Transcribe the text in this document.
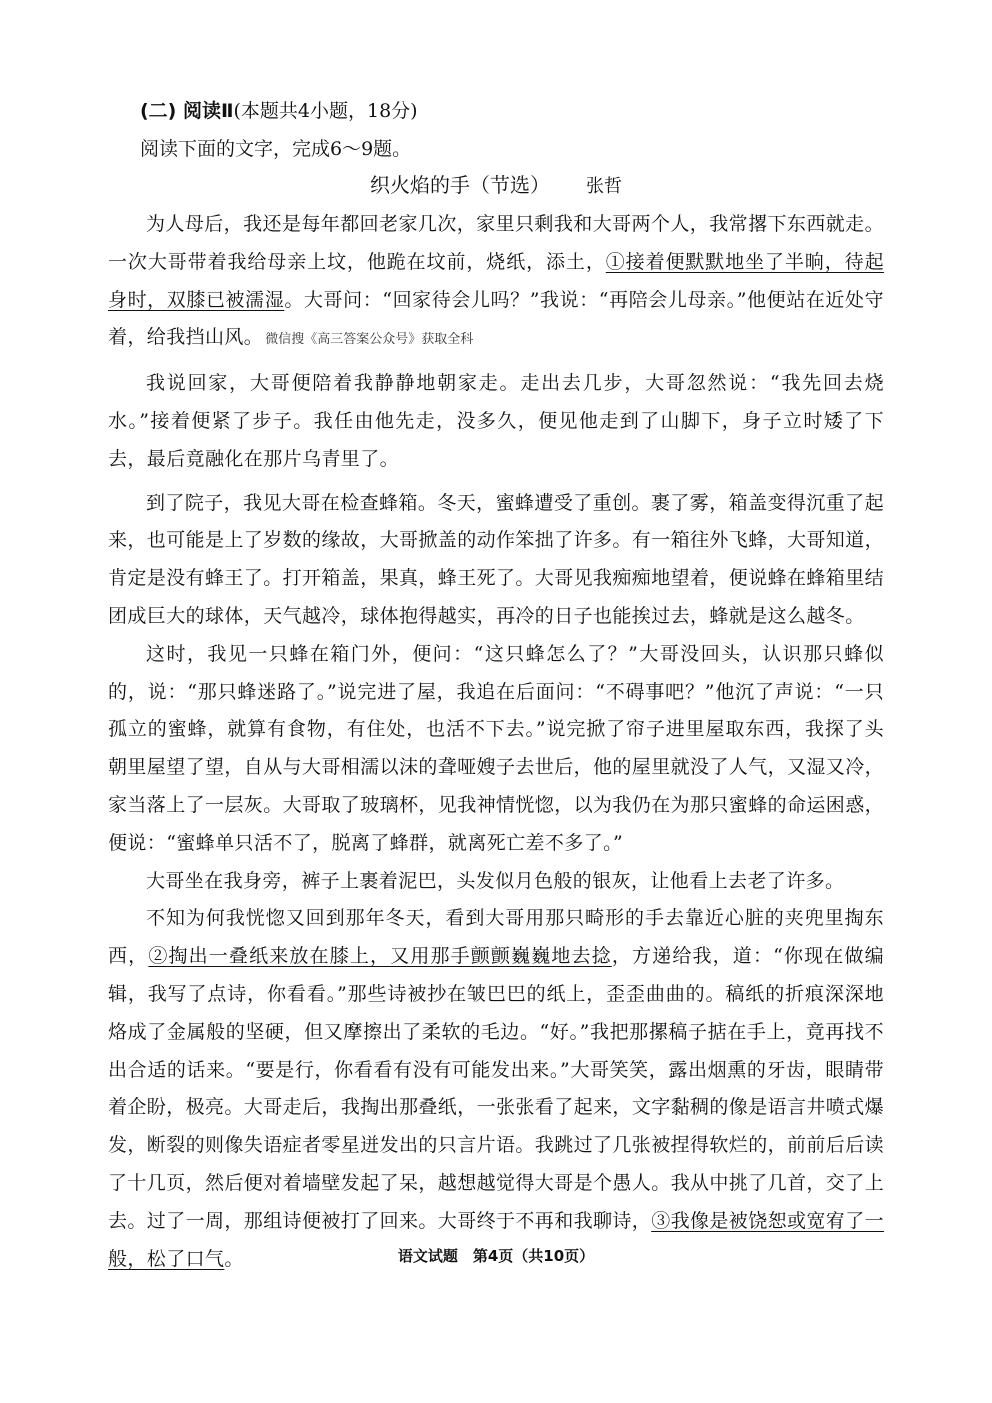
(二) 阅读Ⅱ(本题共4小题，18分)
阅读下面的文字，完成6～9题。
织火焰的手（节选） 张哲

为人母后，我还是每年都回老家几次，家里只剩我和大哥两个人，我常撂下东西就走。一次大哥带着我给母亲上坟，他跪在坟前，烧纸，添土，①接着便默默地坐了半晌，待起身时，双膝已被濡湿。大哥问：“回家待会儿吗？”我说：“再陪会儿母亲。”他便站在近处守着，给我挡山风。 微信搜《高三答案公众号》获取全科

我说回家，大哥便陪着我静静地朝家走。走出去几步，大哥忽然说：“我先回去烧水。”接着便紧了步子。我任由他先走，没多久，便见他走到了山脚下，身子立时矮了下去，最后竟融化在那片乌青里了。

到了院子，我见大哥在检查蜂箱。冬天，蜜蜂遭受了重创。裹了雾，箱盖变得沉重了起来，也可能是上了岁数的缘故，大哥掀盖的动作笨拙了许多。有一箱往外飞蜂，大哥知道，肯定是没有蜂王了。打开箱盖，果真，蜂王死了。大哥见我痴痴地望着，便说蜂在蜂箱里结团成巨大的球体，天气越冷，球体抱得越实，再冷的日子也能挨过去，蜂就是这么越冬。

这时，我见一只蜂在箱门外，便问：“这只蜂怎么了？”大哥没回头，认识那只蜂似的，说：“那只蜂迷路了。”说完进了屋，我追在后面问：“不碍事吧？”他沉了声说：“一只孤立的蜜蜂，就算有食物，有住处，也活不下去。”说完掀了帘子进里屋取东西，我探了头朝里屋望了望，自从与大哥相濡以沫的聋哑嫂子去世后，他的屋里就没了人气，又湿又冷，家当落上了一层灰。大哥取了玻璃杯，见我神情恍惚，以为我仍在为那只蜜蜂的命运困惑，便说：“蜜蜂单只活不了，脱离了蜂群，就离死亡差不多了。”

大哥坐在我身旁，裤子上裹着泥巴，头发似月色般的银灰，让他看上去老了许多。

不知为何我恍惚又回到那年冬天，看到大哥用那只畸形的手去靠近心脏的夹兜里掏东西，②掏出一叠纸来放在膝上，又用那手颤颤巍巍地去捻，方递给我，道：“你现在做编辑，我写了点诗，你看看。”那些诗被抄在皱巴巴的纸上，歪歪曲曲的。稿纸的折痕深深地烙成了金属般的坚硬，但又摩擦出了柔软的毛边。“好。”我把那摞稿子掂在手上，竟再找不出合适的话来。“要是行，你看看有没有可能发出来。”大哥笑笑，露出烟熏的牙齿，眼睛带着企盼，极亮。大哥走后，我掏出那叠纸，一张张看了起来，文字黏稠的像是语言井喷式爆发，断裂的则像失语症者零星迸发出的只言片语。我跳过了几张被捏得软烂的，前前后后读了十几页，然后便对着墙壁发起了呆，越想越觉得大哥是个愚人。我从中挑了几首，交了上去。过了一周，那组诗便被打了回来。大哥终于不再和我聊诗，③我像是被饶恕或宽宥了一般，松了口气。	语文试题　第4页（共10页）
